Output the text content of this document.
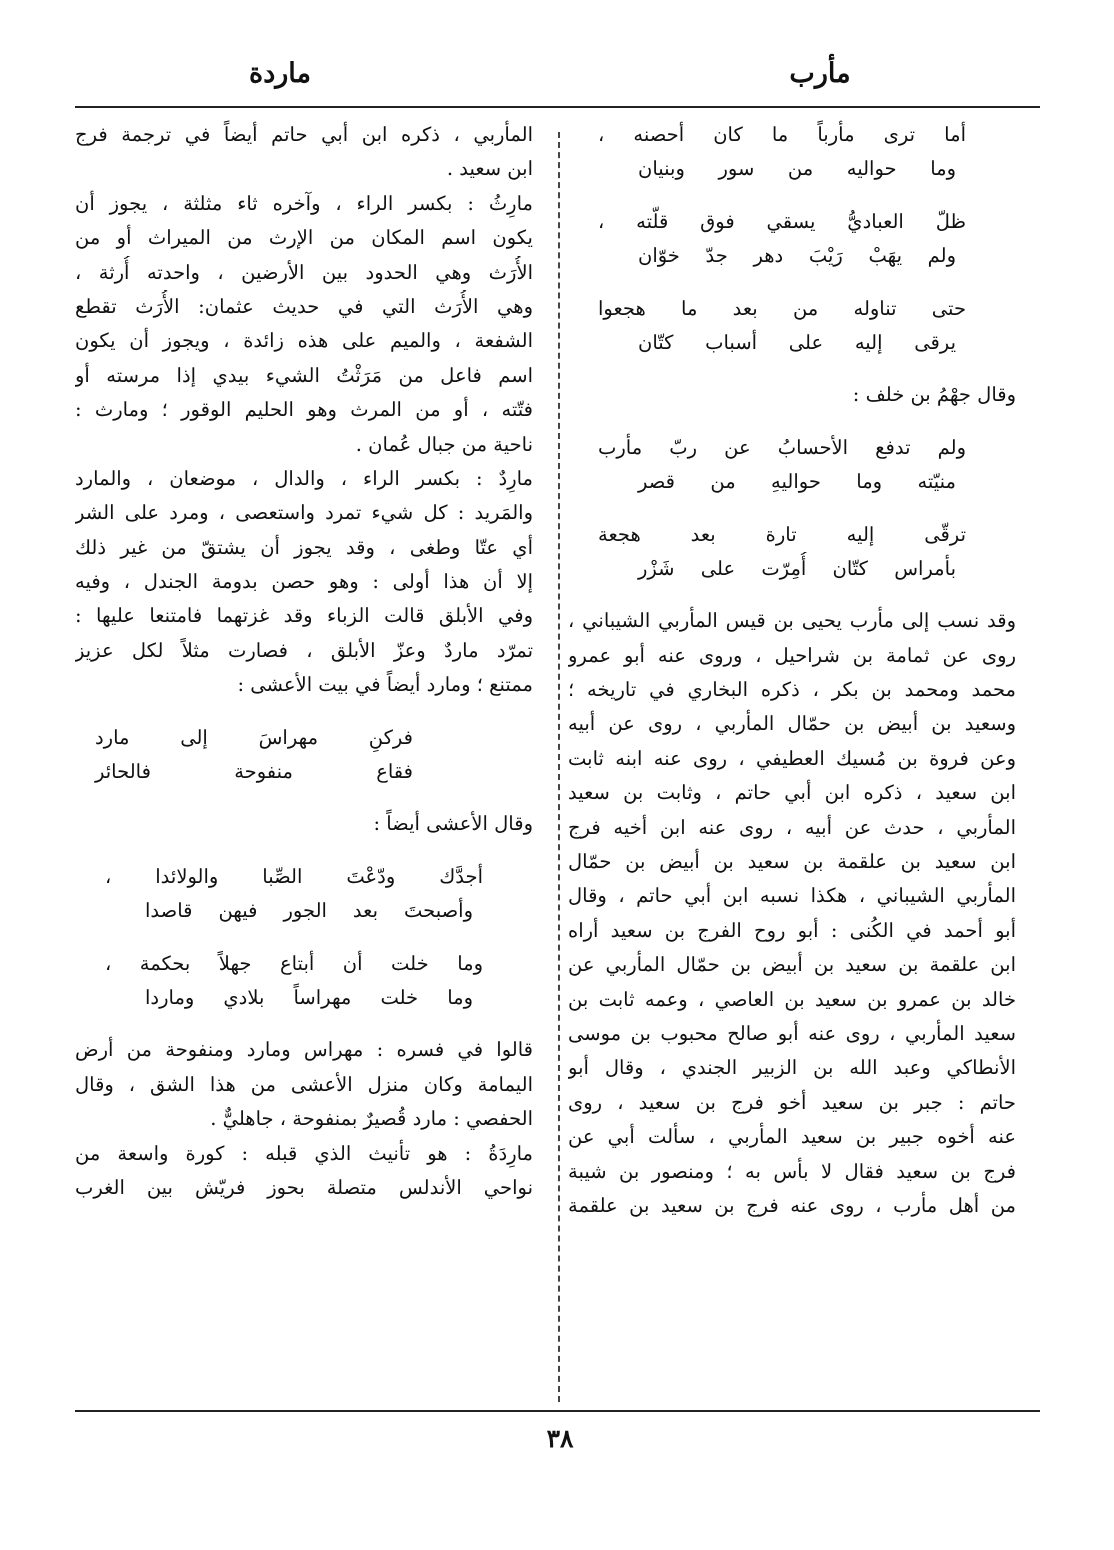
مأرب
ماردة
أما ترى مأرباً ما كان أحصنه ،
وما حواليه من سور وبنيان
ظلّ العباديُّ يسقي فوق قلّته ،
ولم يهَبْ رَيْبَ دهر جدّ خوّان
حتى تناوله من بعد ما هجعوا
يرقى إليه على أسباب كتّان
وقال جهْمُ بن خلف :
ولم تدفع الأحسابُ عن ربّ مأرب
منيّته وما حواليهِ من قصر
ترقّى إليه تارة بعد هجعة
بأمراس كتّان أُمِرّت على شَزْر
وقد نسب إلى مأرب يحيى بن قيس المأربي الشيباني ،
روى عن ثمامة بن شراحيل ، وروى عنه أبو عمرو
محمد ومحمد بن بكر ، ذكره البخاري في تاريخه ؛
وسعيد بن أبيض بن حمّال المأربي ، روى عن أبيه
وعن فروة بن مُسيك العطيفي ، روى عنه ابنه ثابت
ابن سعيد ، ذكره ابن أبي حاتم ، وثابت بن سعيد
المأربي ، حدث عن أبيه ، روى عنه ابن أخيه فرج
ابن سعيد بن علقمة بن سعيد بن أبيض بن حمّال
المأربي الشيباني ، هكذا نسبه ابن أبي حاتم ، وقال
أبو أحمد في الكُنى : أبو روح الفرج بن سعيد أراه
ابن علقمة بن سعيد بن أبيض بن حمّال المأربي عن
خالد بن عمرو بن سعيد بن العاصي ، وعمه ثابت بن
سعيد المأربي ، روى عنه أبو صالح محبوب بن موسى
الأنطاكي وعبد الله بن الزبير الجندي ، وقال أبو
حاتم : جبر بن سعيد أخو فرج بن سعيد ، روى
عنه أخوه جبير بن سعيد المأربي ، سألت أبي عن
فرج بن سعيد فقال لا بأس به ؛ ومنصور بن شيبة
من أهل مأرب ، روى عنه فرج بن سعيد بن علقمة
المأربي ، ذكره ابن أبي حاتم أيضاً في ترجمة فرج
ابن سعيد .
مارِثُ : بكسر الراء ، وآخره ثاء مثلثة ، يجوز أن
يكون اسم المكان من الإرث من الميراث أو من
الأُرَث وهي الحدود بين الأرضين ، واحدته أُرثة ،
وهي الأُرَث التي في حديث عثمان: الأُرَث تقطع
الشفعة ، والميم على هذه زائدة ، ويجوز أن يكون
اسم فاعل من مَرَثْتُ الشيء بيدي إذا مرسته أو
فتّته ، أو من المرث وهو الحليم الوقور ؛ ومارث :
ناحية من جبال عُمان .
مارِدٌ : بكسر الراء ، والدال ، موضعان ، والمارد
والمَريد : كل شيء تمرد واستعصى ، ومرد على الشر
أي عتّا وطغى ، وقد يجوز أن يشتقّ من غير ذلك
إلا أن هذا أولى : وهو حصن بدومة الجندل ، وفيه
وفي الأبلق قالت الزباء وقد غزتهما فامتنعا عليها :
تمرّد ماردٌ وعزّ الأبلق ، فصارت مثلاً لكل عزيز
ممتنع ؛ ومارد أيضاً في بيت الأعشى :
فركنِ مهراسَ إلى مارد
فقاع منفوحة فالحائر
وقال الأعشى أيضاً :
أجدَّك ودّعْتَ الصِّبا والولائدا ،
وأصبحتَ بعد الجور فيهن قاصدا
وما خلت أن أبتاع جهلاً بحكمة ،
وما خلت مهراساً بلادي وماردا
قالوا في فسره : مهراس ومارد ومنفوحة من أرض
اليمامة وكان منزل الأعشى من هذا الشق ، وقال
الحفصي : مارد قُصيرٌ بمنفوحة ، جاهليٌّ .
مارِدَةُ : هو تأنيث الذي قبله : كورة واسعة من
نواحي الأندلس متصلة بحوز فريّش بين الغرب
٣٨
